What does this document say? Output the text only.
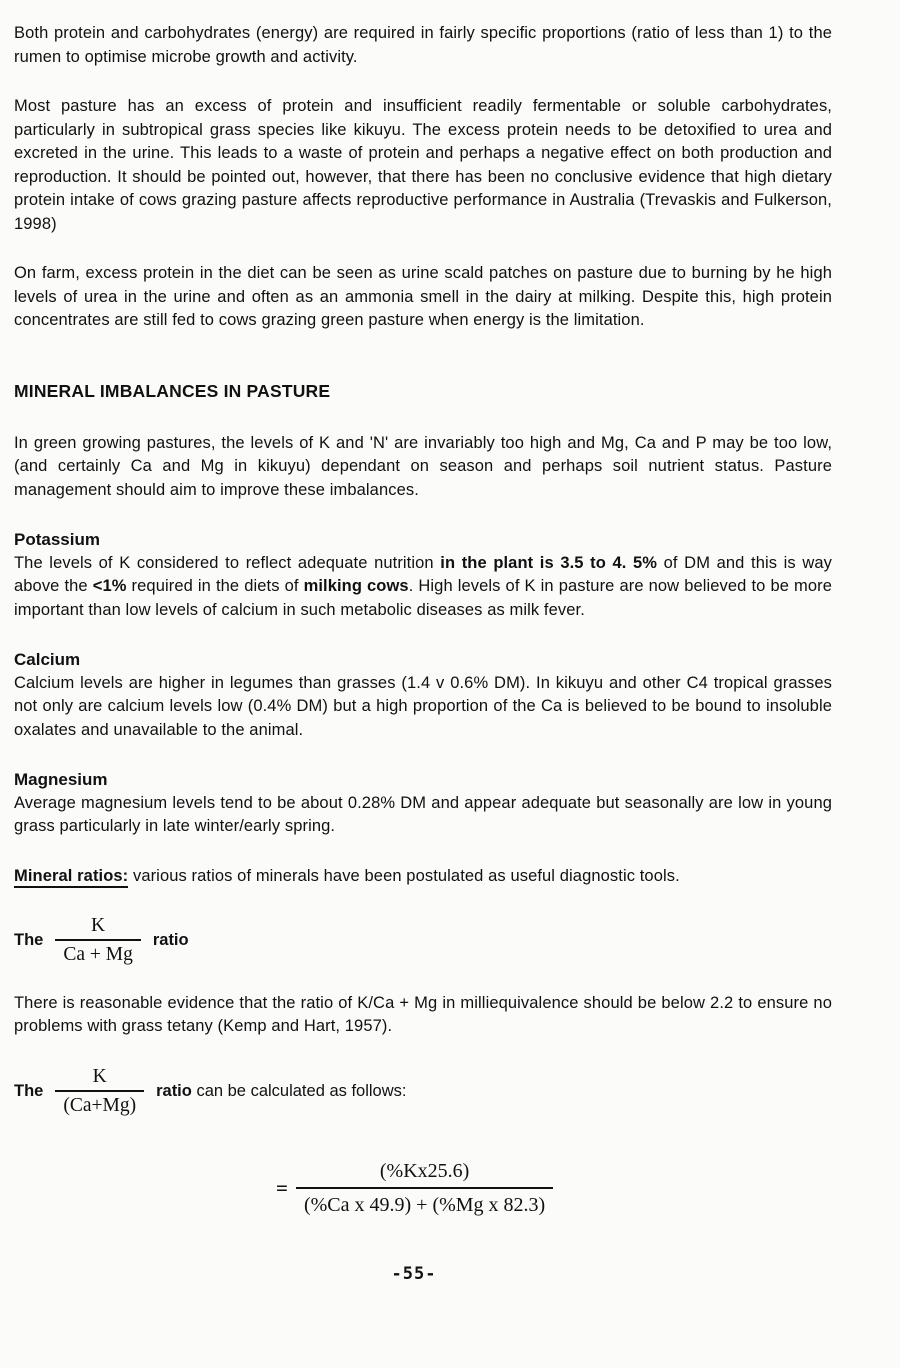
Both protein and carbohydrates (energy) are required in fairly specific proportions (ratio of less than 1) to the rumen to optimise microbe growth and activity.

Most pasture has an excess of protein and insufficient readily fermentable or soluble carbohydrates, particularly in subtropical grass species like kikuyu. The excess protein needs to be detoxified to urea and excreted in the urine. This leads to a waste of protein and perhaps a negative effect on both production and reproduction. It should be pointed out, however, that there has been no conclusive evidence that high dietary protein intake of cows grazing pasture affects reproductive performance in Australia (Trevaskis and Fulkerson, 1998)

On farm, excess protein in the diet can be seen as urine scald patches on pasture due to burning by he high levels of urea in the urine and often as an ammonia smell in the dairy at milking. Despite this, high protein concentrates are still fed to cows grazing green pasture when energy is the limitation.

MINERAL IMBALANCES IN PASTURE

In green growing pastures, the levels of K and 'N' are invariably too high and Mg, Ca and P may be too low, (and certainly Ca and Mg in kikuyu) dependant on season and perhaps soil nutrient status. Pasture management should aim to improve these imbalances.

Potassium

The levels of K considered to reflect adequate nutrition in the plant is 3.5 to 4. 5% of DM and this is way above the <1% required in the diets of milking cows. High levels of K in pasture are now believed to be more important than low levels of calcium in such metabolic diseases as milk fever.

Calcium

Calcium levels are higher in legumes than grasses (1.4 v 0.6% DM). In kikuyu and other C4 tropical grasses not only are calcium levels low (0.4% DM) but a high proportion of the Ca is believed to be bound to insoluble oxalates and unavailable to the animal.

Magnesium

Average magnesium levels tend to be about 0.28% DM and appear adequate but seasonally are low in young grass particularly in late winter/early spring.

Mineral ratios: various ratios of minerals have been postulated as useful diagnostic tools.

The $\frac{K}{Ca + Mg}$ ratio

There is reasonable evidence that the ratio of K/Ca + Mg in milliequivalence should be below 2.2 to ensure no problems with grass tetany (Kemp and Hart, 1957).

The $\frac{K}{(Ca+Mg)}$ ratio can be calculated as follows:
= $\frac{(\%Kx25.6)}{\text{(\%Ca x 49.9) + (\%Mg x 82.3)}}$
-55-
